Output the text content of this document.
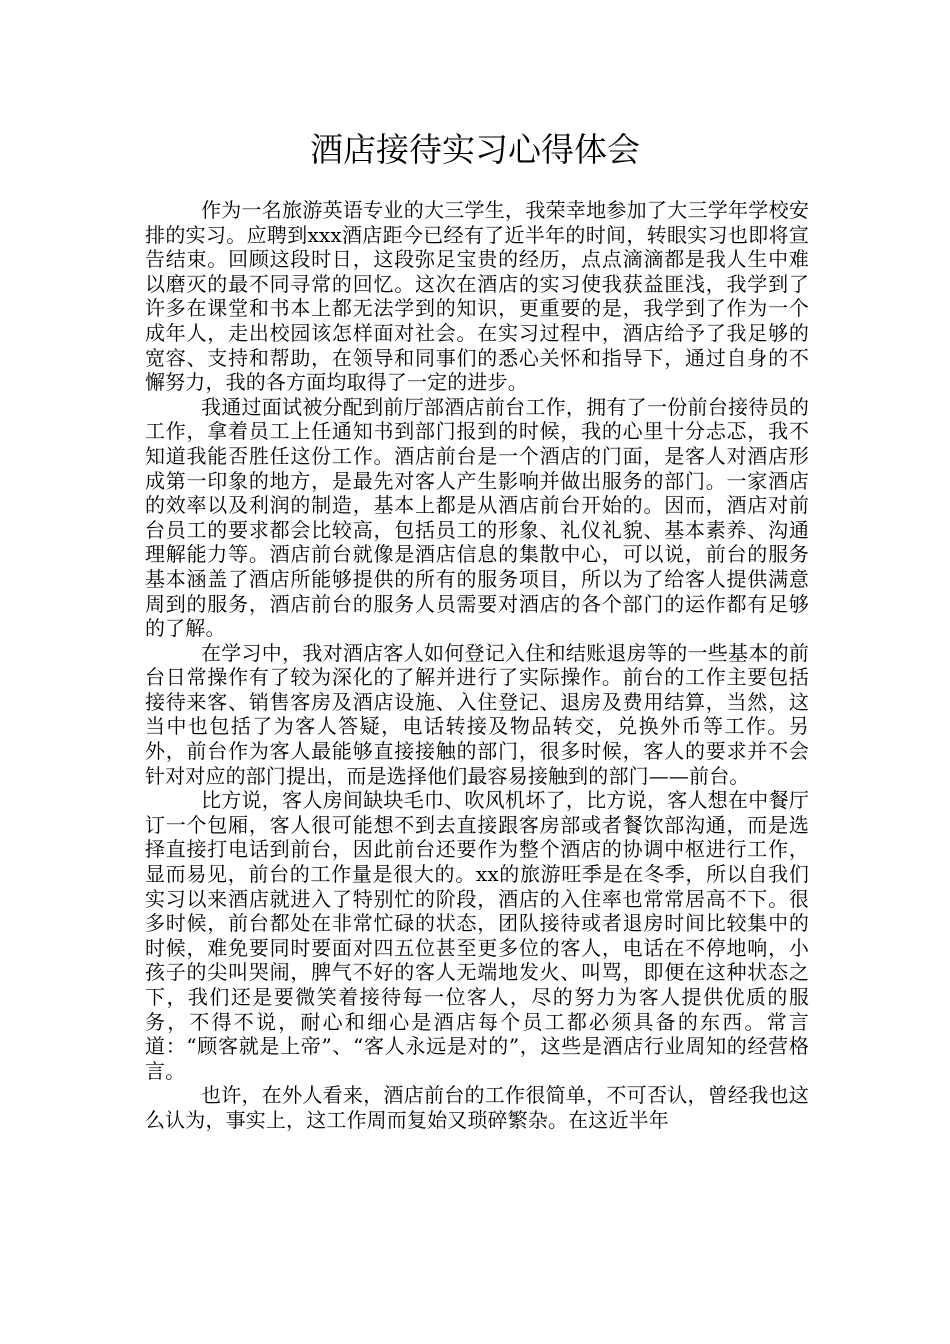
酒店接待实习心得体会

作为一名旅游英语专业的大三学生，我荣幸地参加了大三学年学校安排的实习。应聘到xxx酒店距今已经有了近半年的时间，转眼实习也即将宣告结束。回顾这段时日，这段弥足宝贵的经历，点点滴滴都是我人生中难以磨灭的最不同寻常的回忆。这次在酒店的实习使我获益匪浅，我学到了许多在课堂和书本上都无法学到的知识，更重要的是，我学到了作为一个成年人，走出校园该怎样面对社会。在实习过程中，酒店给予了我足够的宽容、支持和帮助，在领导和同事们的悉心关怀和指导下，通过自身的不懈努力，我的各方面均取得了一定的进步。

我通过面试被分配到前厅部酒店前台工作，拥有了一份前台接待员的工作，拿着员工上任通知书到部门报到的时候，我的心里十分忐忑，我不知道我能否胜任这份工作。酒店前台是一个酒店的门面，是客人对酒店形成第一印象的地方，是最先对客人产生影响并做出服务的部门。一家酒店的效率以及利润的制造，基本上都是从酒店前台开始的。因而，酒店对前台员工的要求都会比较高，包括员工的形象、礼仪礼貌、基本素养、沟通理解能力等。酒店前台就像是酒店信息的集散中心，可以说，前台的服务基本涵盖了酒店所能够提供的所有的服务项目，所以为了给客人提供满意周到的服务，酒店前台的服务人员需要对酒店的各个部门的运作都有足够的了解。

在学习中，我对酒店客人如何登记入住和结账退房等的一些基本的前台日常操作有了较为深化的了解并进行了实际操作。前台的工作主要包括接待来客、销售客房及酒店设施、入住登记、退房及费用结算，当然，这当中也包括了为客人答疑，电话转接及物品转交，兑换外币等工作。另外，前台作为客人最能够直接接触的部门，很多时候，客人的要求并不会针对对应的部门提出，而是选择他们最容易接触到的部门——前台。

比方说，客人房间缺块毛巾、吹风机坏了，比方说，客人想在中餐厅订一个包厢，客人很可能想不到去直接跟客房部或者餐饮部沟通，而是选择直接打电话到前台，因此前台还要作为整个酒店的协调中枢进行工作，显而易见，前台的工作量是很大的。xx的旅游旺季是在冬季，所以自我们实习以来酒店就进入了特别忙的阶段，酒店的入住率也常常居高不下。很多时候，前台都处在非常忙碌的状态，团队接待或者退房时间比较集中的时候，难免要同时要面对四五位甚至更多位的客人，电话在不停地响，小孩子的尖叫哭闹，脾气不好的客人无端地发火、叫骂，即便在这种状态之下，我们还是要微笑着接待每一位客人，尽的努力为客人提供优质的服务，不得不说，耐心和细心是酒店每个员工都必须具备的东西。常言道：“顾客就是上帝”、“客人永远是对的”，这些是酒店行业周知的经营格言。

也许，在外人看来，酒店前台的工作很简单，不可否认，曾经我也这么认为，事实上，这工作周而复始又琐碎繁杂。在这近半年
